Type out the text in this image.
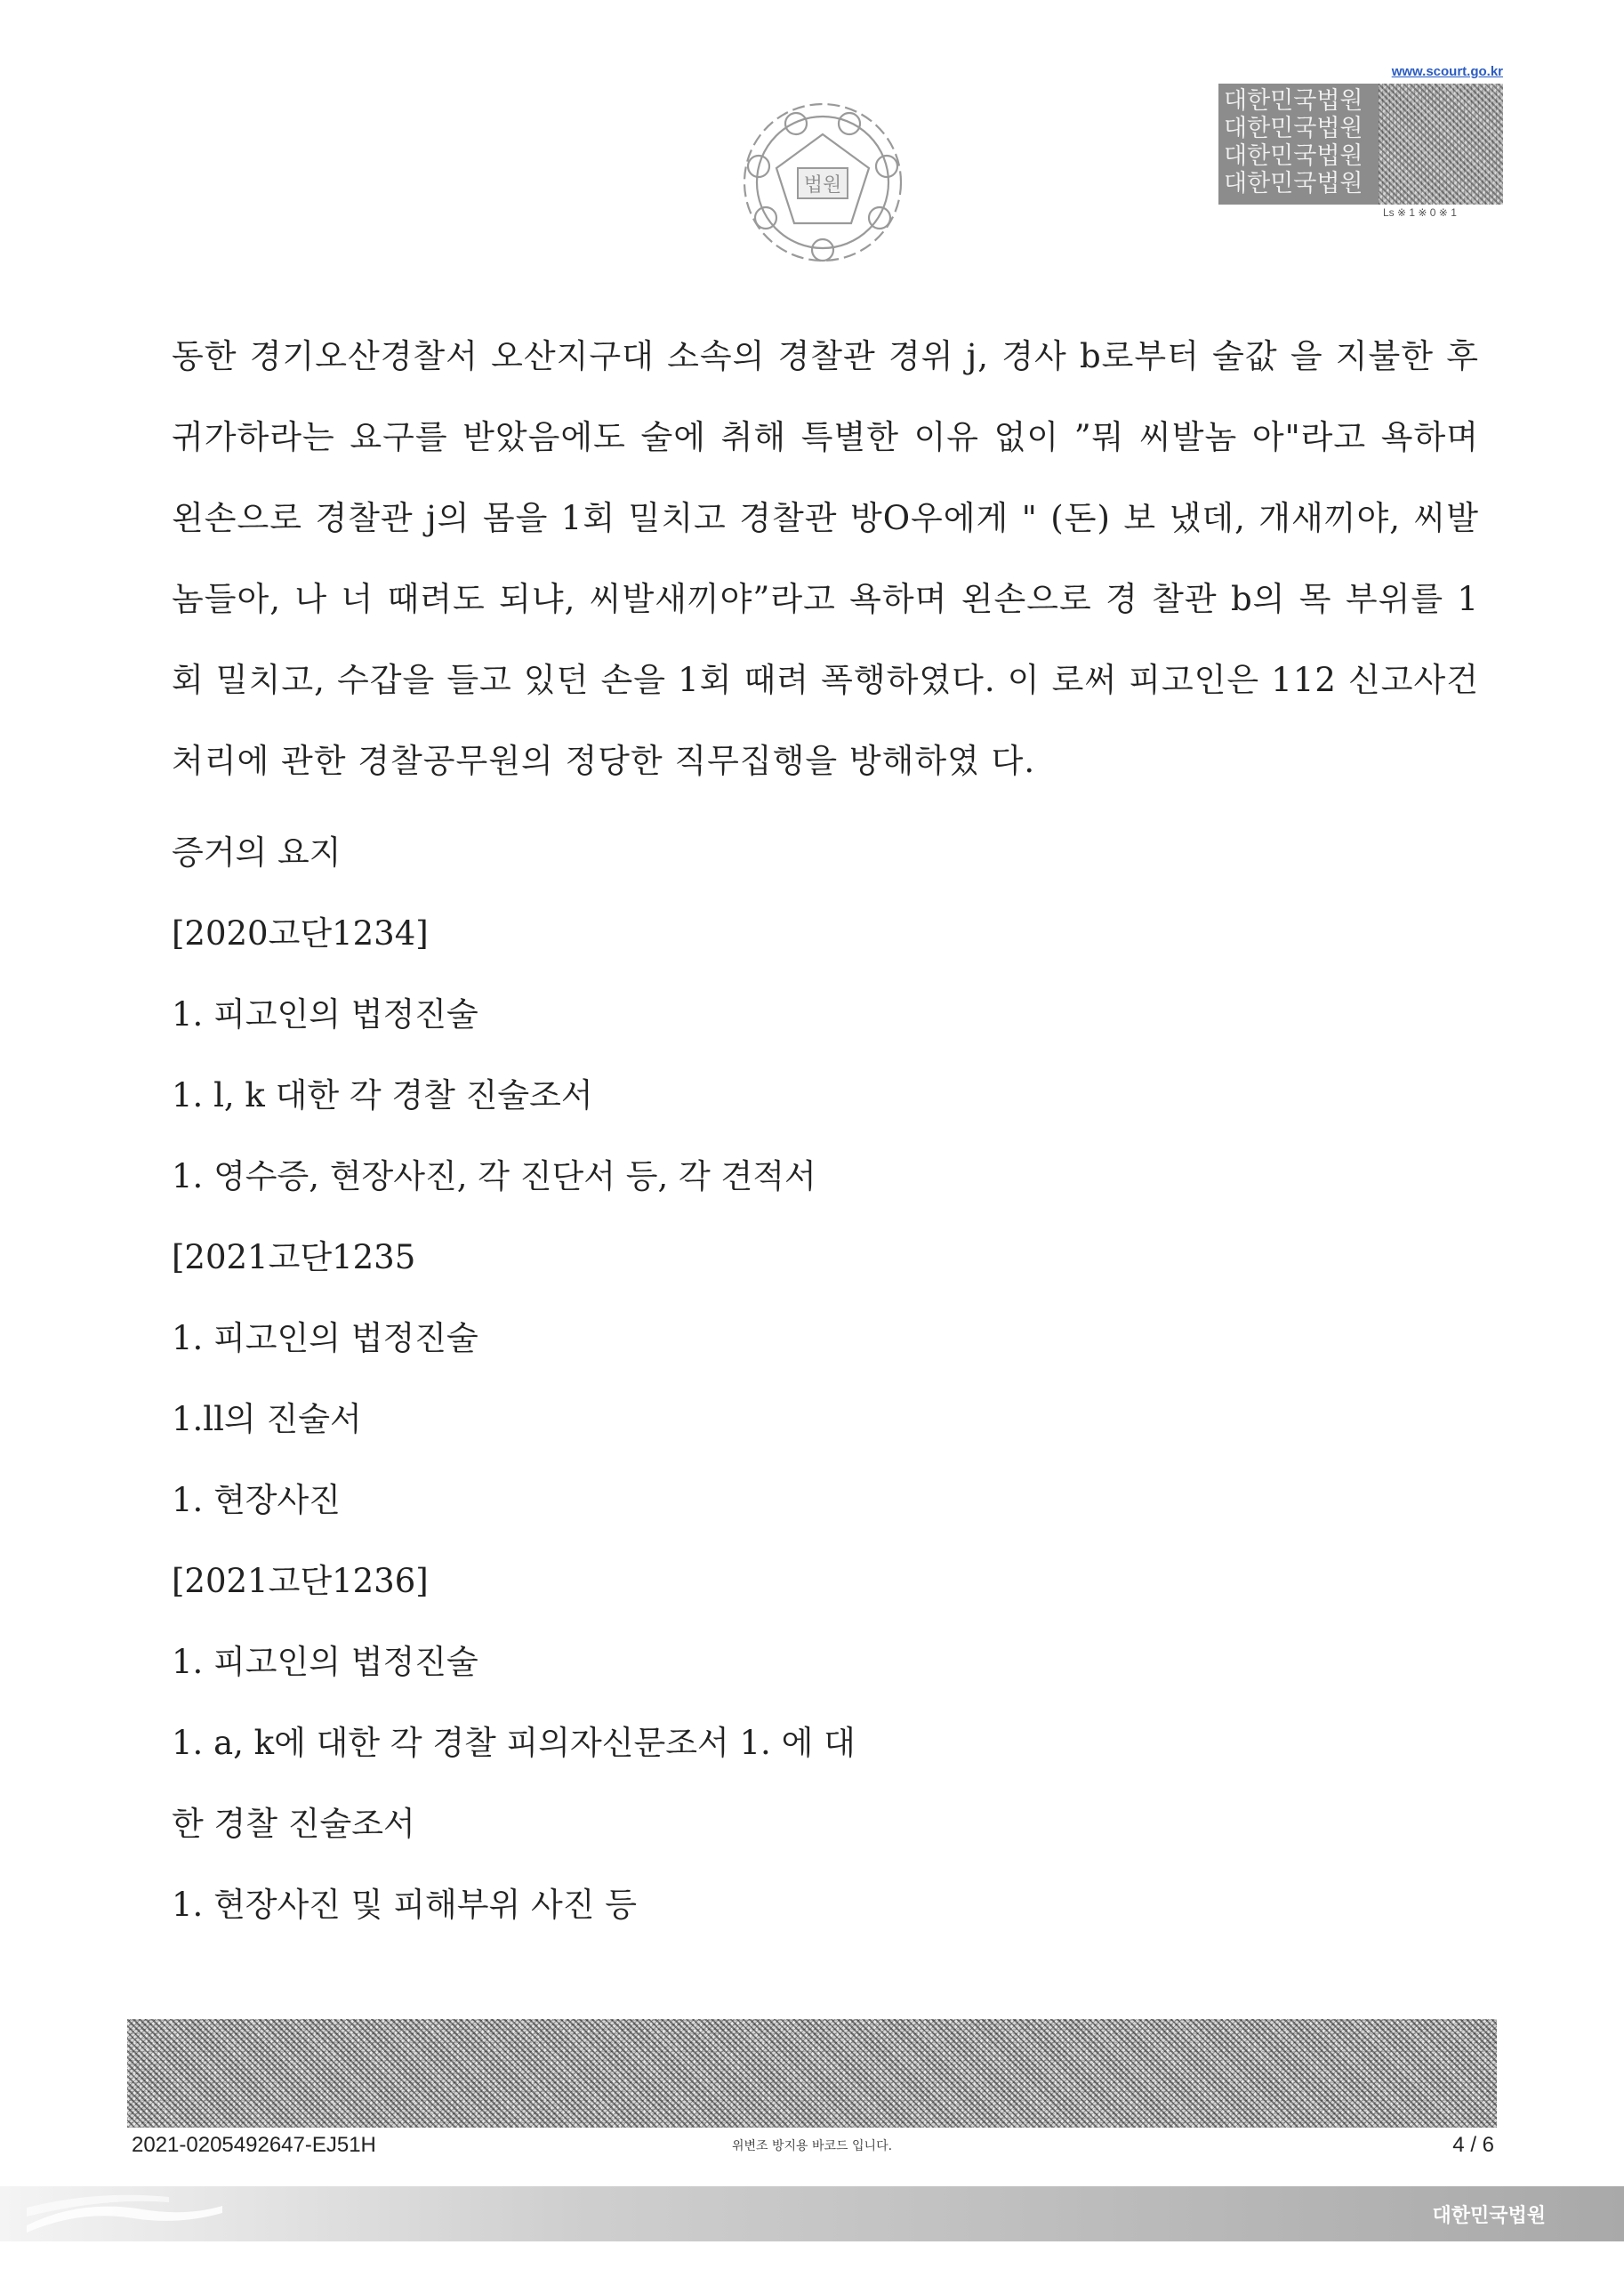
법원
www.scourt.go.kr
대한민국법원
대한민국법원
대한민국법원
대한민국법원
Ls ※ 1 ※ 0 ※ 1

동한 경기오산경찰서 오산지구대 소속의 경찰관 경위 j, 경사 b로부터 술값 을 지불한 후 귀가하라는 요구를 받았음에도 술에 취해 특별한 이유 없이 ”뭐 씨발놈 아"라고 욕하며 왼손으로 경찰관 j의 몸을 1회 밀치고 경찰관 방O우에게 " (돈) 보 냈데, 개새끼야, 씨발놈들아, 나 너 때려도 되냐, 씨발새끼야”라고 욕하며 왼손으로 경 찰관 b의 목 부위를 1회 밀치고, 수갑을 들고 있던 손을 1회 때려 폭행하였다. 이 로써 피고인은 112 신고사건 처리에 관한 경찰공무원의 정당한 직무집행을 방해하였 다.

증거의 요지
[2020고단1234]
1. 피고인의 법정진술
1. l, k 대한 각 경찰 진술조서
1. 영수증, 현장사진, 각 진단서 등, 각 견적서
[2021고단1235
1. 피고인의 법정진술
1.ll의 진술서
1. 현장사진
[2021고단1236]
1. 피고인의 법정진술
1. a, k에 대한 각 경찰 피의자신문조서 1. 에 대
한 경찰 진술조서
1. 현장사진 및 피해부위 사진 등
2021-0205492647-EJ51H	위변조 방지용 바코드 입니다.	4 / 6
대한민국법원
